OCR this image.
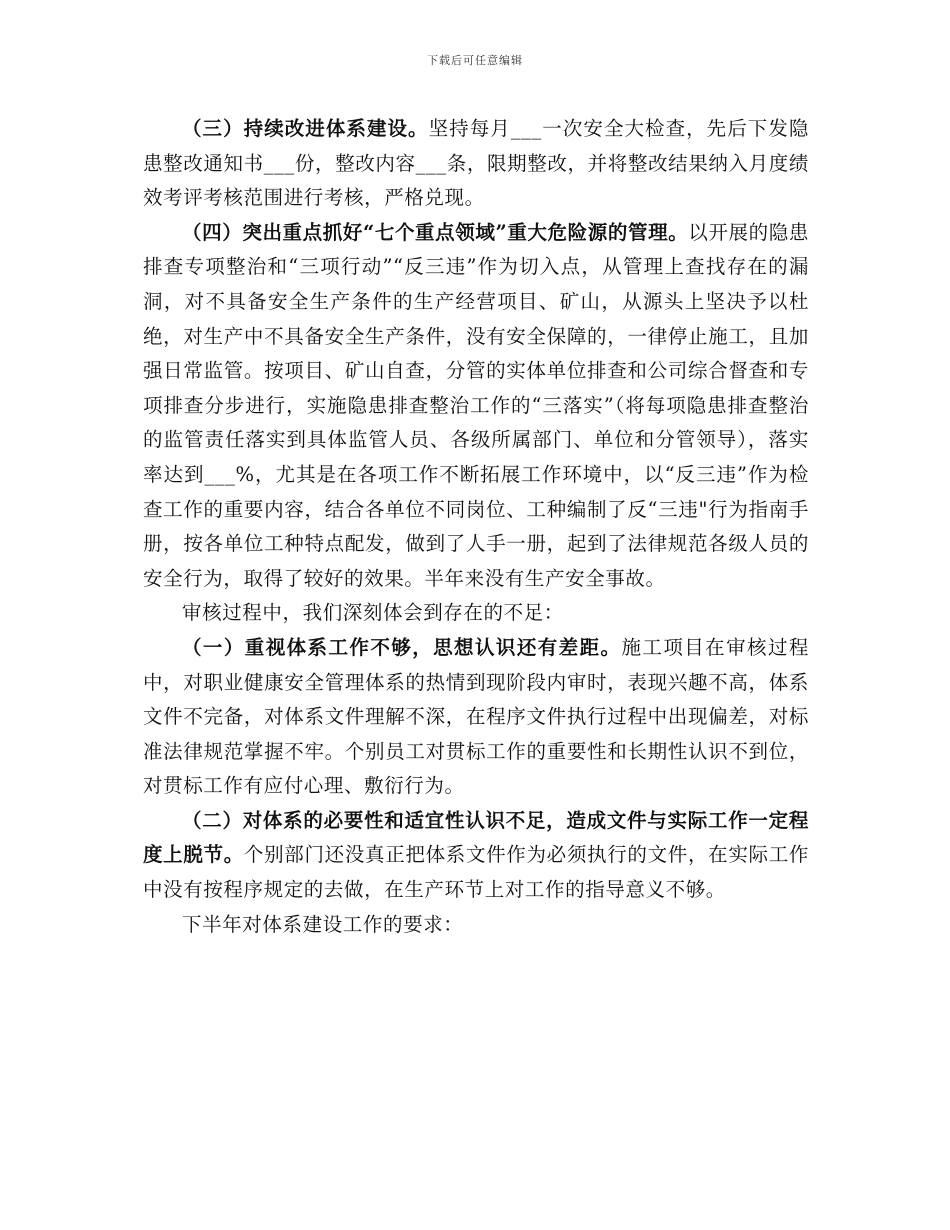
下载后可任意编辑

（三）持续改进体系建设。坚持每月___一次安全大检查，先后下发隐患整改通知书___份，整改内容___条，限期整改，并将整改结果纳入月度绩效考评考核范围进行考核，严格兑现。

（四）突出重点抓好“七个重点领域”重大危险源的管理。以开展的隐患排查专项整治和“三项行动”“反三违”作为切入点，从管理上查找存在的漏洞，对不具备安全生产条件的生产经营项目、矿山，从源头上坚决予以杜绝，对生产中不具备安全生产条件，没有安全保障的，一律停止施工，且加强日常监管。按项目、矿山自查，分管的实体单位排查和公司综合督查和专项排查分步进行，实施隐患排查整治工作的“三落实”（将每项隐患排查整治的监管责任落实到具体监管人员、各级所属部门、单位和分管领导），落实率达到___%，尤其是在各项工作不断拓展工作环境中，以“反三违”作为检查工作的重要内容，结合各单位不同岗位、工种编制了反“三违"行为指南手册，按各单位工种特点配发，做到了人手一册，起到了法律规范各级人员的安全行为，取得了较好的效果。半年来没有生产安全事故。

审核过程中，我们深刻体会到存在的不足：

（一）重视体系工作不够，思想认识还有差距。施工项目在审核过程中，对职业健康安全管理体系的热情到现阶段内审时，表现兴趣不高，体系文件不完备，对体系文件理解不深，在程序文件执行过程中出现偏差，对标准法律规范掌握不牢。个别员工对贯标工作的重要性和长期性认识不到位，对贯标工作有应付心理、敷衍行为。

（二）对体系的必要性和适宜性认识不足，造成文件与实际工作一定程度上脱节。个别部门还没真正把体系文件作为必须执行的文件，在实际工作中没有按程序规定的去做，在生产环节上对工作的指导意义不够。

下半年对体系建设工作的要求：
